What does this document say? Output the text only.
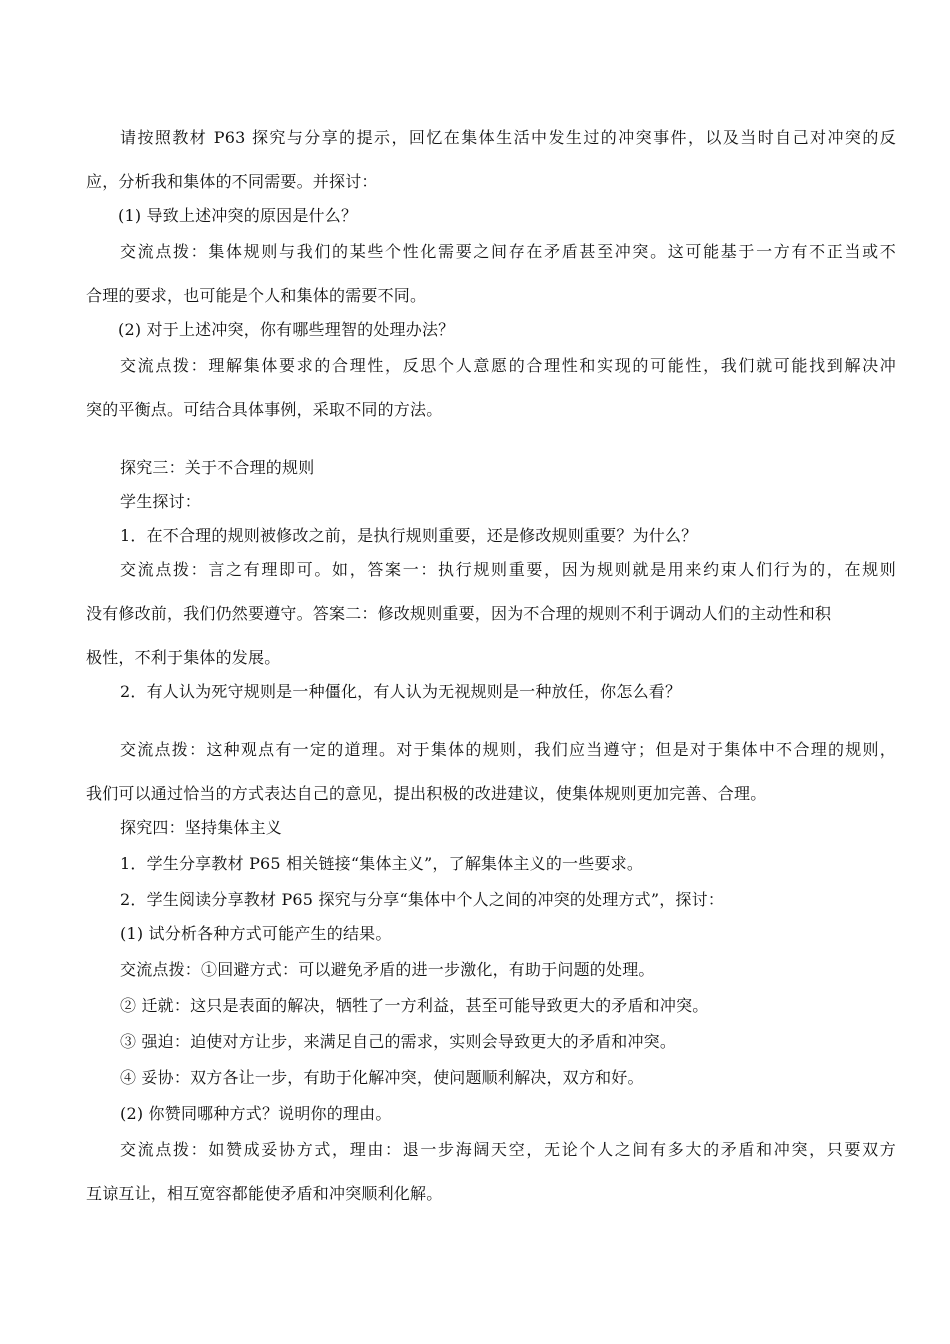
请按照教材 P63 探究与分享的提示，回忆在集体生活中发生过的冲突事件，以及当时自己对冲突的反
应，分析我和集体的不同需要。并探讨：
(1) 导致上述冲突的原因是什么？
交流点拨：集体规则与我们的某些个性化需要之间存在矛盾甚至冲突。这可能基于一方有不正当或不
合理的要求，也可能是个人和集体的需要不同。
(2) 对于上述冲突，你有哪些理智的处理办法？
交流点拨：理解集体要求的合理性，反思个人意愿的合理性和实现的可能性，我们就可能找到解决冲
突的平衡点。可结合具体事例，采取不同的方法。
探究三：关于不合理的规则
学生探讨：
1．在不合理的规则被修改之前，是执行规则重要，还是修改规则重要？为什么？
交流点拨：言之有理即可。如，答案一：执行规则重要，因为规则就是用来约束人们行为的，在规则
没有修改前，我们仍然要遵守。答案二：修改规则重要，因为不合理的规则不利于调动人们的主动性和积
极性，不利于集体的发展。
2．有人认为死守规则是一种僵化，有人认为无视规则是一种放任，你怎么看？
交流点拨：这种观点有一定的道理。对于集体的规则，我们应当遵守；但是对于集体中不合理的规则，
我们可以通过恰当的方式表达自己的意见，提出积极的改进建议，使集体规则更加完善、合理。
探究四：坚持集体主义
1．学生分享教材 P65 相关链接“集体主义”，了解集体主义的一些要求。
2．学生阅读分享教材 P65 探究与分享“集体中个人之间的冲突的处理方式”，探讨：
(1) 试分析各种方式可能产生的结果。
交流点拨：①回避方式：可以避免矛盾的进一步激化，有助于问题的处理。
② 迁就：这只是表面的解决，牺牲了一方利益，甚至可能导致更大的矛盾和冲突。
③ 强迫：迫使对方让步，来满足自己的需求，实则会导致更大的矛盾和冲突。
④ 妥协：双方各让一步，有助于化解冲突，使问题顺利解决，双方和好。
(2) 你赞同哪种方式？说明你的理由。
交流点拨：如赞成妥协方式，理由：退一步海阔天空，无论个人之间有多大的矛盾和冲突，只要双方
互谅互让，相互宽容都能使矛盾和冲突顺利化解。
